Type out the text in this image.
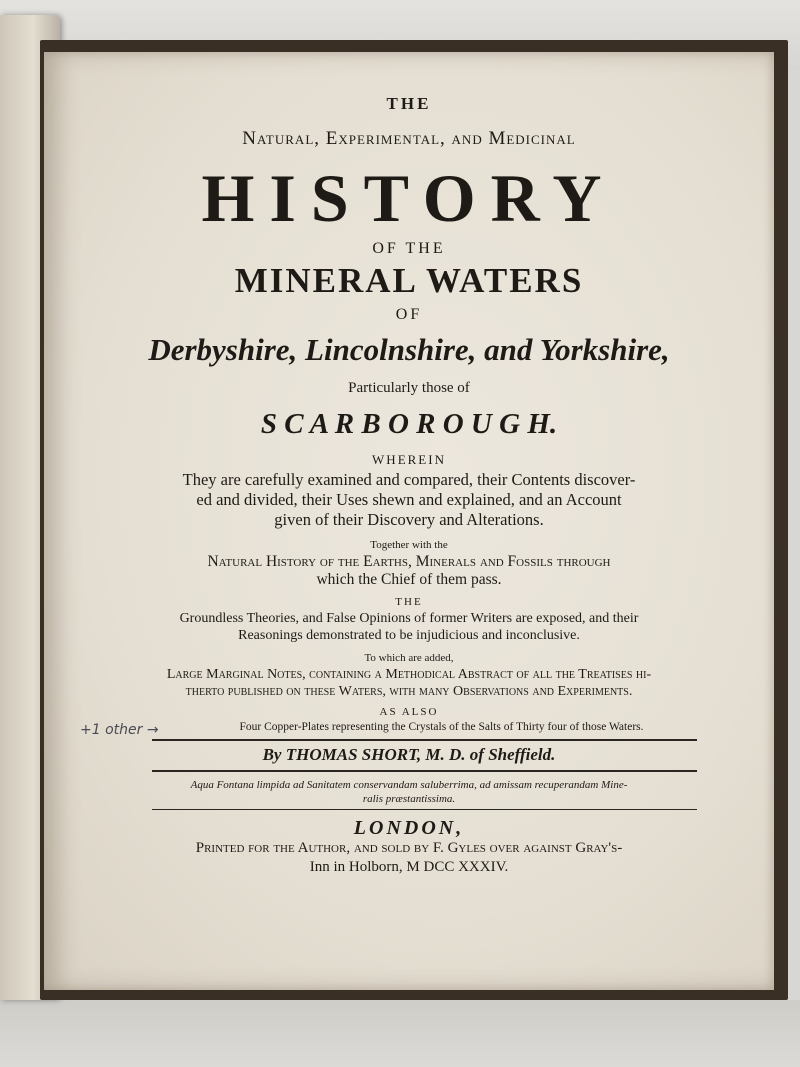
THE
Natural, Experimental, and Medicinal
HISTORY
OF THE
MINERAL WATERS
OF
Derbyshire, Lincolnshire, and Yorkshire,
Particularly those of
S C A R B O R O U G H.
WHEREIN
They are carefully examined and compared, their Contents discover-
ed and divided, their Uses shewn and explained, and an Account
given of their Discovery and Alterations.
Together with the
Natural History of the Earths, Minerals and Fossils through
which the Chief of them pass.
THE
Groundless Theories, and False Opinions of former Writers are exposed, and their
Reasonings demonstrated to be injudicious and inconclusive.
To which are added,
Large Marginal Notes, containing a Methodical Abstract of all the Treatises hi-
therto published on these Waters, with many Observations and Experiments.
AS ALSO
Four Copper-Plates representing the Crystals of the Salts of Thirty four of those Waters.
By THOMAS SHORT, M. D. of Sheffield.
Aqua Fontana limpida ad Sanitatem conservandam saluberrima, ad amissam recuperandam Mine-
ralis præstantissima.
LONDON,
Printed for the Author, and sold by F. Gyles over against Gray's-
Inn in Holborn, M DCC XXXIV.
+1 other →
